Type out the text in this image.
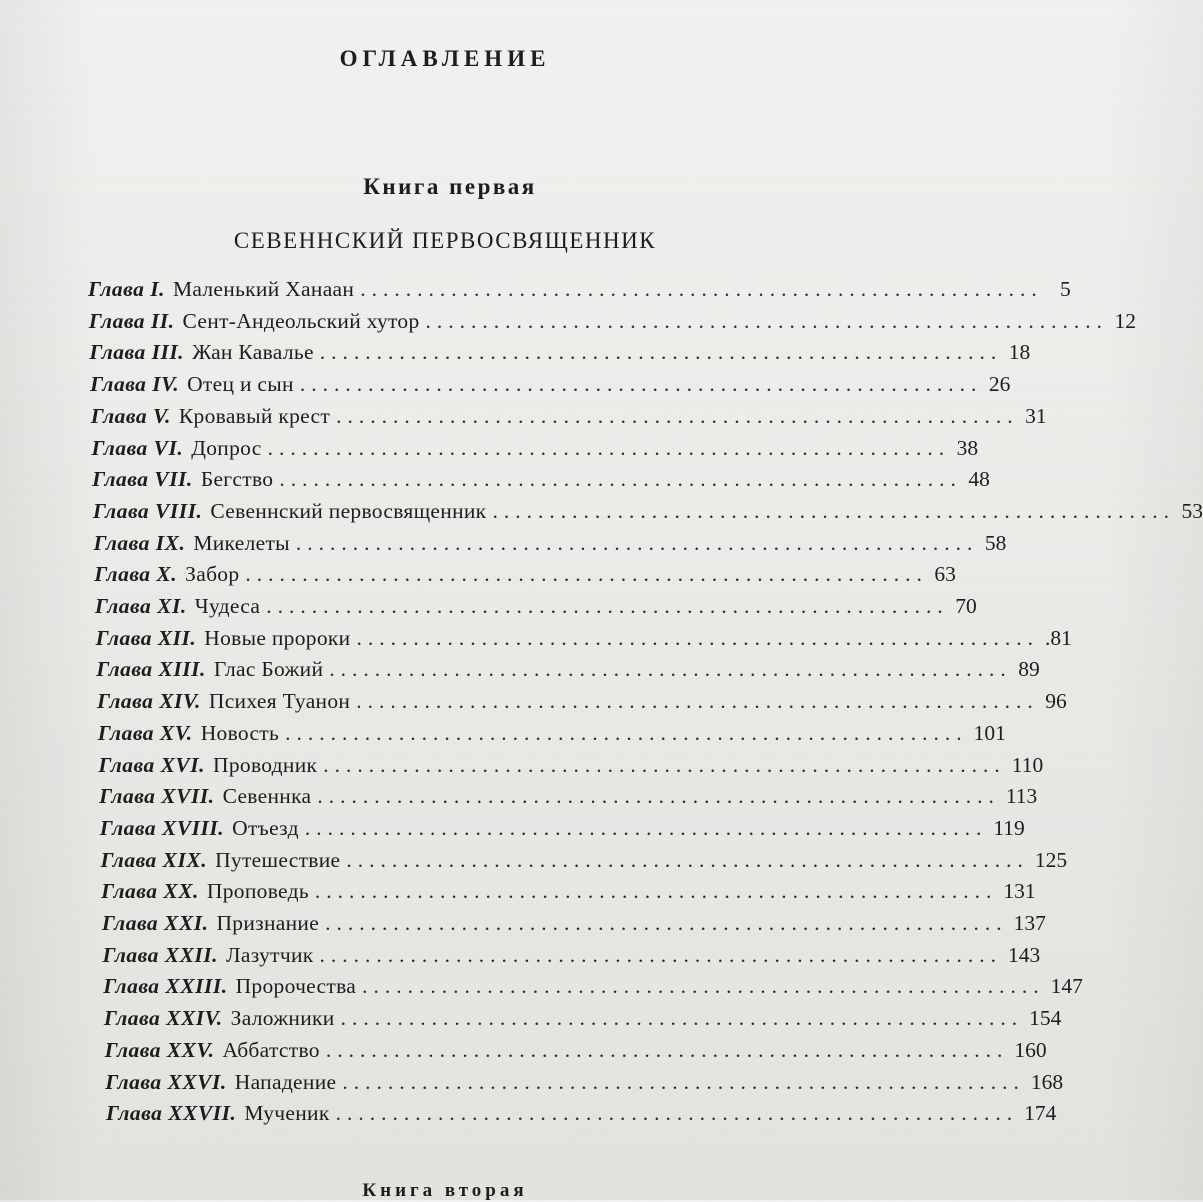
ОГЛАВЛЕНИЕ
Книга первая
СЕВЕННСКИЙ ПЕРВОСВЯЩЕННИК
Глава I. Маленький Ханаан ............................................................ 5
Глава II. Сент-Андеольский хутор ............................................................ 12
Глава III. Жан Кавалье ............................................................ 18
Глава IV. Отец и сын ............................................................ 26
Глава V. Кровавый крест ............................................................ 31
Глава VI. Допрос ............................................................ 38
Глава VII. Бегство ............................................................ 48
Глава VIII. Севеннский первосвященник ............................................................ 53
Глава IX. Микелеты ............................................................ 58
Глава X. Забор ............................................................ 63
Глава XI. Чудеса ............................................................ 70
Глава XII. Новые пророки ............................................................ .81
Глава XIII. Глас Божий ............................................................ 89
Глава XIV. Психея Туанон ............................................................ 96
Глава XV. Новость ............................................................ 101
Глава XVI. Проводник ............................................................ 110
Глава XVII. Севеннка ............................................................ 113
Глава XVIII. Отъезд ............................................................ 119
Глава XIX. Путешествие ............................................................ 125
Глава XX. Проповедь ............................................................ 131
Глава XXI. Признание ............................................................ 137
Глава XXII. Лазутчик ............................................................ 143
Глава XXIII. Пророчества ............................................................ 147
Глава XXIV. Заложники ............................................................ 154
Глава XXV. Аббатство ............................................................ 160
Глава XXVI. Нападение ............................................................ 168
Глава XXVII. Мученик ............................................................ 174
Книга вторая
